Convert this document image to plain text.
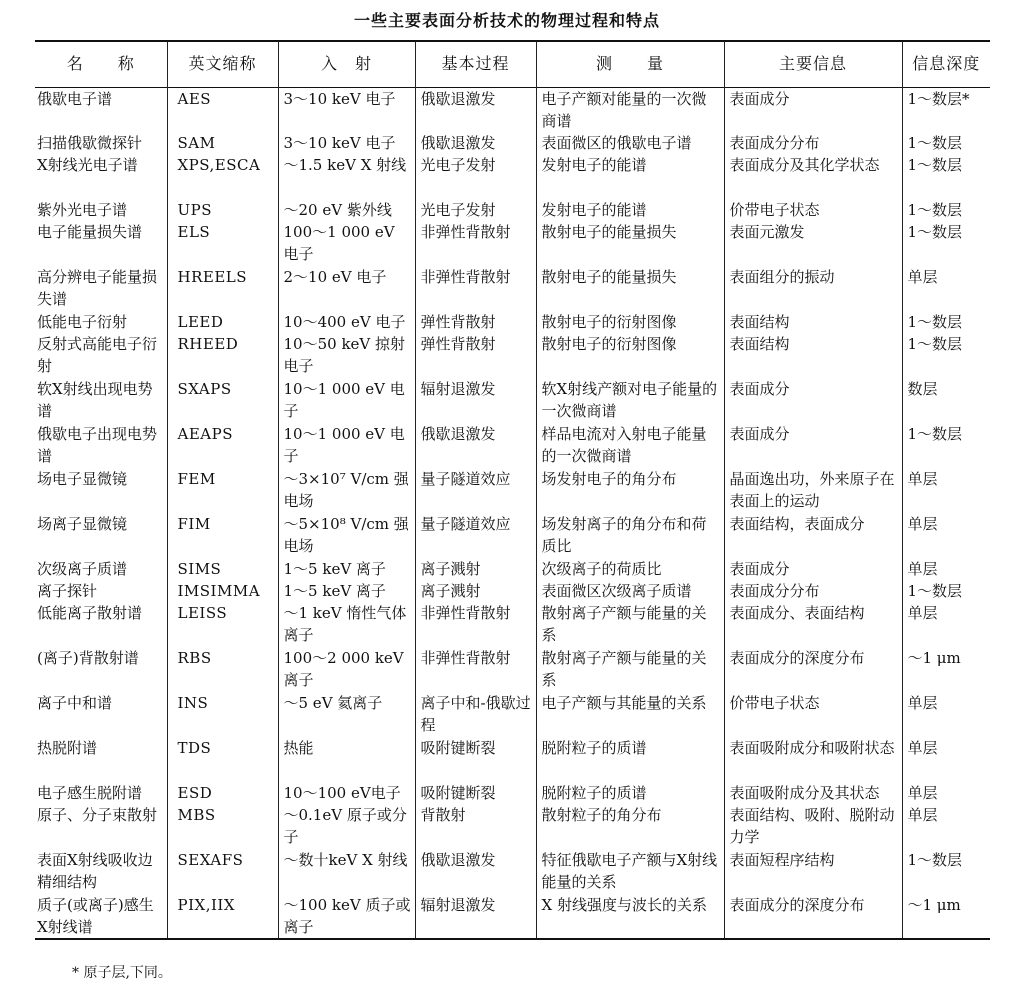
一些主要表面分析技术的物理过程和特点
名　　称	英文缩称	入　射	基本过程	测　　量	主要信息	信息深度

俄歇电子谱	AES	3～10 keV 电子	俄歇退激发	电子产额对能量的一次微商谱	表面成分	1～数层*

扫描俄歇微探针	SAM	3～10 keV 电子	俄歇退激发	表面微区的俄歇电子谱	表面成分分布	1～数层

X射线光电子谱	XPS,ESCA	～1.5 keV X 射线	光电子发射	发射电子的能谱	表面成分及其化学状态	1～数层

紫外光电子谱	UPS	～20 eV 紫外线	光电子发射	发射电子的能谱	价带电子状态	1～数层

电子能量损失谱	ELS	100～1 000 eV 电子	非弹性背散射	散射电子的能量损失	表面元激发	1～数层

高分辨电子能量损失谱	HREELS	2～10 eV 电子	非弹性背散射	散射电子的能量损失	表面组分的振动	单层

低能电子衍射	LEED	10～400 eV 电子	弹性背散射	散射电子的衍射图像	表面结构	1～数层

反射式高能电子衍射	RHEED	10～50 keV 掠射电子	弹性背散射	散射电子的衍射图像	表面结构	1～数层

软X射线出现电势谱	SXAPS	10～1 000 eV 电子	辐射退激发	软X射线产额对电子能量的一次微商谱	表面成分	数层

俄歇电子出现电势谱	AEAPS	10～1 000 eV 电子	俄歇退激发	样品电流对入射电子能量的一次微商谱	表面成分	1～数层

场电子显微镜	FEM	～3×10⁷ V/cm 强电场	量子隧道效应	场发射电子的角分布	晶面逸出功，外来原子在表面上的运动	单层

场离子显微镜	FIM	～5×10⁸ V/cm 强电场	量子隧道效应	场发射离子的角分布和荷质比	表面结构，表面成分	单层

次级离子质谱	SIMS	1～5 keV 离子	离子溅射	次级离子的荷质比	表面成分	单层

离子探针	IMSIMMA	1～5 keV 离子	离子溅射	表面微区次级离子质谱	表面成分分布	1～数层

低能离子散射谱	LEISS	～1 keV 惰性气体离子	非弹性背散射	散射离子产额与能量的关系	表面成分、表面结构	单层

(离子)背散射谱	RBS	100～2 000 keV 离子	非弹性背散射	散射离子产额与能量的关系	表面成分的深度分布	～1 μm

离子中和谱	INS	～5 eV 氦离子	离子中和-俄歇过程	电子产额与其能量的关系	价带电子状态	单层

热脱附谱	TDS	热能	吸附键断裂	脱附粒子的质谱	表面吸附成分和吸附状态	单层

电子感生脱附谱	ESD	10～100 eV电子	吸附键断裂	脱附粒子的质谱	表面吸附成分及其状态	单层

原子、分子束散射	MBS	～0.1eV 原子或分子	背散射	散射粒子的角分布	表面结构、吸附、脱附动力学	单层

表面X射线吸收边精细结构	SEXAFS	～数十keV X 射线	俄歇退激发	特征俄歇电子产额与X射线能量的关系	表面短程序结构	1～数层

质子(或离子)感生X射线谱	PIX,IIX	～100 keV 质子或离子	辐射退激发	X 射线强度与波长的关系	表面成分的深度分布	～1 μm
* 原子层,下同。
